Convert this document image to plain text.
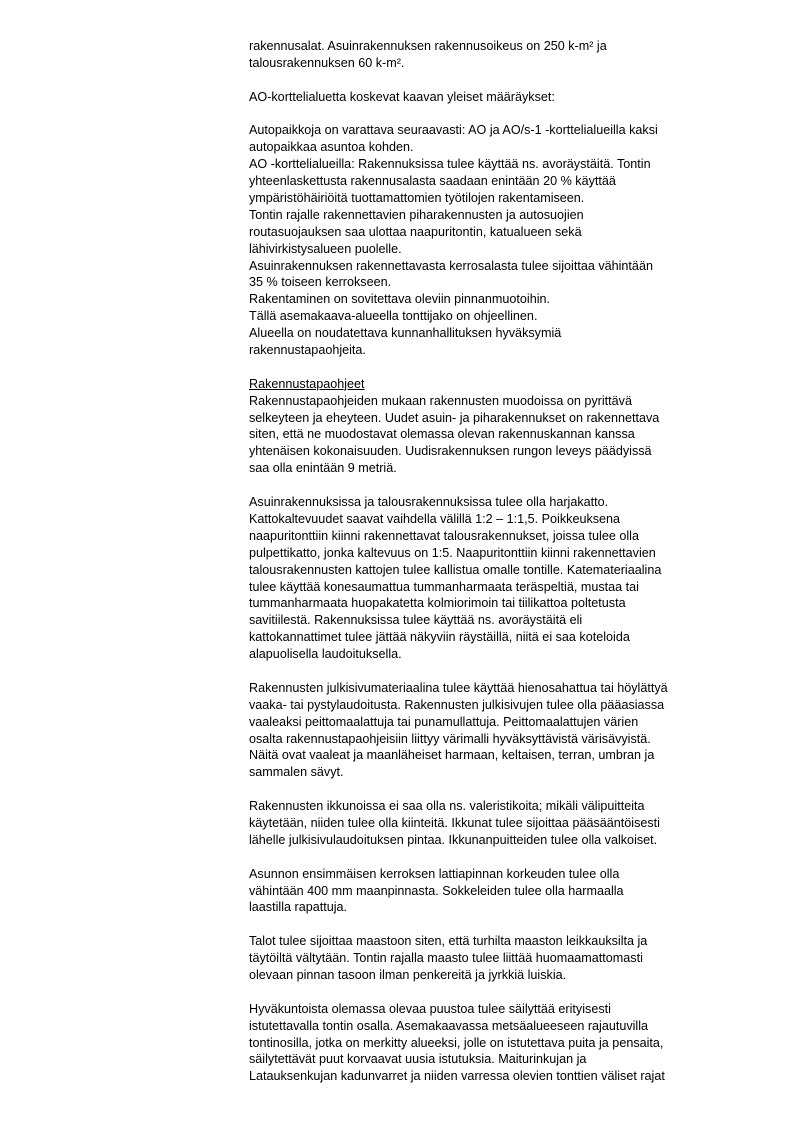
rakennusalat. Asuinrakennuksen rakennusoikeus on 250 k-m² ja
talousrakennuksen 60 k-m².
AO-korttelialuetta koskevat kaavan yleiset määräykset:
Autopaikkoja on varattava seuraavasti: AO ja AO/s-1 -korttelialueilla kaksi
autopaikkaa asuntoa kohden.
AO -korttelialueilla: Rakennuksissa tulee käyttää ns. avoräystäitä. Tontin
yhteenlaskettusta rakennusalasta saadaan enintään 20 % käyttää
ympäristöhäiriöitä tuottamattomien työtilojen rakentamiseen.
Tontin rajalle rakennettavien piharakennusten ja autosuojien
routasuojauksen saa ulottaa naapuritontin, katualueen sekä
lähivirkistysalueen puolelle.
Asuinrakennuksen rakennettavasta kerrosalasta tulee sijoittaa vähintään
35 % toiseen kerrokseen.
Rakentaminen on sovitettava oleviin pinnanmuotoihin.
Tällä asemakaava-alueella tonttijako on ohjeellinen.
Alueella on noudatettava kunnanhallituksen hyväksymiä
rakennustapaohjeita.
Rakennustapaohjeet
Rakennustapaohjeiden mukaan rakennusten muodoissa on pyrittävä
selkeyteen ja eheyteen. Uudet asuin- ja piharakennukset on rakennettava
siten, että ne muodostavat olemassa olevan rakennuskannan kanssa
yhtenäisen kokonaisuuden. Uudisrakennuksen rungon leveys päädyissä
saa olla enintään 9 metriä.
Asuinrakennuksissa ja talousrakennuksissa tulee olla harjakatto.
Kattokaltevuudet saavat vaihdella välillä 1:2 – 1:1,5. Poikkeuksena
naapuritonttiin kiinni rakennettavat talousrakennukset, joissa tulee olla
pulpettikatto, jonka kaltevuus on 1:5. Naapuritonttiin kiinni rakennettavien
talousrakennusten kattojen tulee kallistua omalle tontille. Katemateriaalina
tulee käyttää konesaumattua tummanharmaata teräspeltiä, mustaa tai
tummanharmaata huopakatetta kolmiorimoin tai tiilikattoa poltetusta
savitiilestä. Rakennuksissa tulee käyttää ns. avoräystäitä eli
kattokannattimet tulee jättää näkyviin räystäillä, niitä ei saa koteloida
alapuolisella laudoituksella.
Rakennusten julkisivumateriaalina tulee käyttää hienosahattua tai höylättyä
vaaka- tai pystylaudoitusta. Rakennusten julkisivujen tulee olla pääasiassa
vaaleaksi peittomaalattuja tai punamullattuja. Peittomaalattujen värien
osalta rakennustapaohjeisiin liittyy värimalli hyväksyttävistä värisävyistä.
Näitä ovat vaaleat ja maanläheiset harmaan, keltaisen, terran, umbran ja
sammalen sävyt.
Rakennusten ikkunoissa ei saa olla ns. valeristikoita; mikäli välipuitteita
käytetään, niiden tulee olla kiinteitä. Ikkunat tulee sijoittaa pääsääntöisesti
lähelle julkisivulaudoituksen pintaa. Ikkunanpuitteiden tulee olla valkoiset.
Asunnon ensimmäisen kerroksen lattiapinnan korkeuden tulee olla
vähintään 400 mm maanpinnasta. Sokkeleiden tulee olla harmaalla
laastilla rapattuja.
Talot tulee sijoittaa maastoon siten, että turhilta maaston leikkauksilta ja
täytöiltä vältytään. Tontin rajalla maasto tulee liittää huomaamattomasti
olevaan pinnan tasoon ilman penkereitä ja jyrkkiä luiskia.
Hyväkuntoista olemassa olevaa puustoa tulee säilyttää erityisesti
istutettavalla tontin osalla. Asemakaavassa metsäalueeseen rajautuvilla
tontinosilla, jotka on merkitty alueeksi, jolle on istutettava puita ja pensaita,
säilytettävät puut korvaavat uusia istutuksia. Maiturinkujan ja
Latauksenkujan kadunvarret ja niiden varressa olevien tonttien väliset rajat
